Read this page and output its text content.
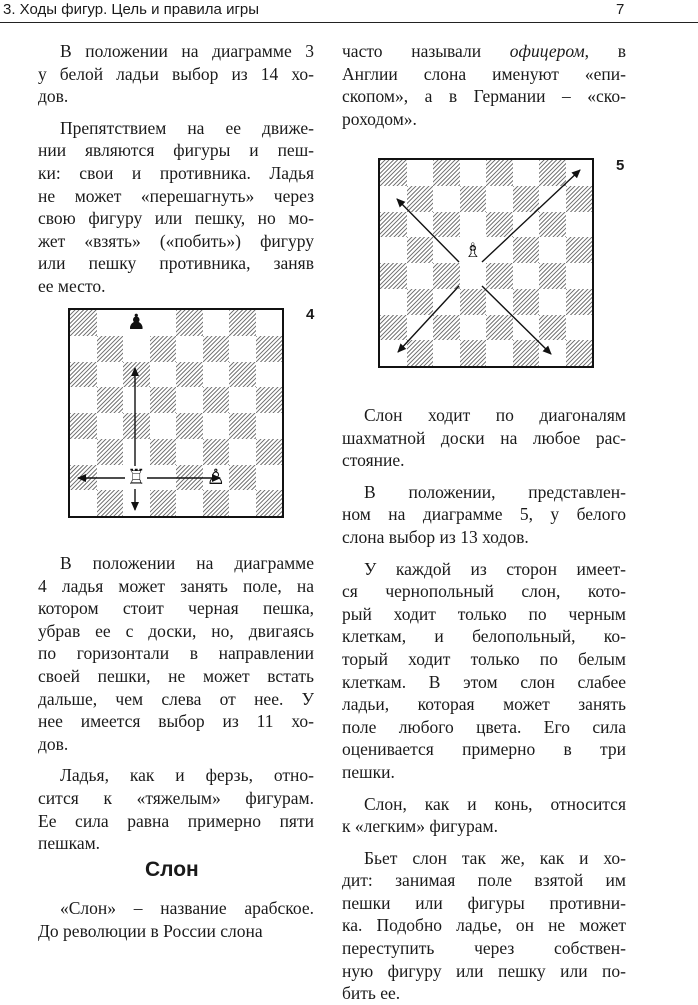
3. Ходы фигур. Цель и правила игры	7

В положении на диаграмме 3
у белой ладьи выбор из 14 хо-
дов.

Препятствием на ее движе-
нии являются фигуры и пеш-
ки: свои и противника. Ладья
не может «перешагнуть» через
свою фигуру или пешку, но мо-
жет «взять» («побить») фигуру
или пешку противника, заняв
ее место.

4
♟
♖	♙

В положении на диаграмме
4 ладья может занять поле, на
котором стоит черная пешка,
убрав ее с доски, но, двигаясь
по горизонтали в направлении
своей пешки, не может встать
дальше, чем слева от нее. У
нее имеется выбор из 11 хо-
дов.

Ладья, как и ферзь, отно-
сится к «тяжелым» фигурам.
Ее сила равна примерно пяти
пешкам.

Слон

«Слон» – название арабское.
До революции в России слона

часто называли офицером, в
Англии слона именуют «епи-
скопом», а в Германии – «ско-
роходом».

5
♗

Слон ходит по диагоналям
шахматной доски на любое рас-
стояние.

В положении, представлен-
ном на диаграмме 5, у белого
слона выбор из 13 ходов.

У каждой из сторон имеет-
ся чернопольный слон, кото-
рый ходит только по черным
клеткам, и белопольный, ко-
торый ходит только по белым
клеткам. В этом слон слабее
ладьи, которая может занять
поле любого цвета. Его сила
оценивается примерно в три
пешки.

Слон, как и конь, относится
к «легким» фигурам.

Бьет слон так же, как и хо-
дит: занимая поле взятой им
пешки или фигуры противни-
ка. Подобно ладье, он не может
переступить через собствен-
ную фигуру или пешку или по-
бить ее.
